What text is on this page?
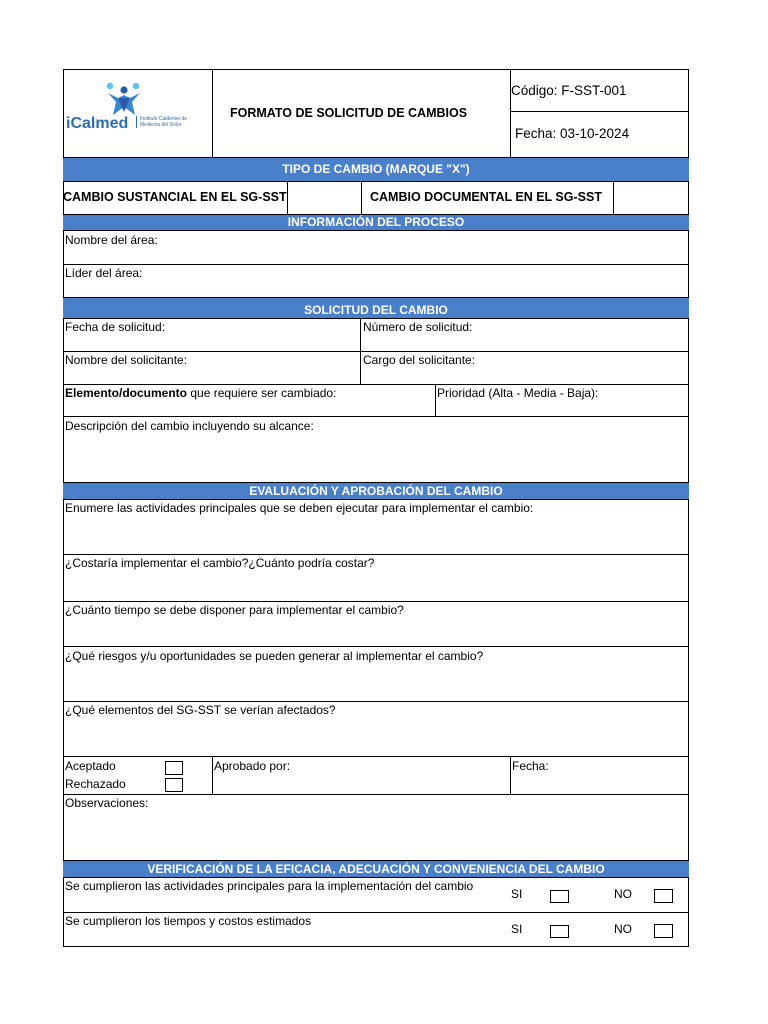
iCalmed	Instituto Caldense de Medicina del Dolor
FORMATO DE SOLICITUD DE CAMBIOS
Código: F-SST-001
Fecha: 03-10-2024
TIPO DE CAMBIO (MARQUE "X")
CAMBIO SUSTANCIAL EN EL SG-SST	CAMBIO DOCUMENTAL EN EL SG-SST
INFORMACIÓN DEL PROCESO
Nombre del área:
Líder del área:
SOLICITUD DEL CAMBIO
Fecha de solicitud:	Número de solicitud:
Nombre del solicitante:	Cargo del solicitante:
Elemento/documento que requiere ser cambiado:	Prioridad (Alta - Media - Baja):
Descripción del cambio incluyendo su alcance:
EVALUACIÓN Y APROBACIÓN DEL CAMBIO
Enumere las actividades principales que se deben ejecutar para implementar el cambio:
¿Costaría implementar el cambio?¿Cuánto podría costar?
¿Cuánto tiempo se debe disponer para implementar el cambio?
¿Qué riesgos y/u oportunidades se pueden generar al implementar el cambio?
¿Qué elementos del SG-SST se verían afectados?
Aceptado
Rechazado
Aprobado por:	Fecha:
Observaciones:
VERIFICACIÓN DE LA EFICACIA, ADECUACIÓN Y CONVENIENCIA DEL CAMBIO
Se cumplieron las actividades principales para la implementación del cambio
SI	NO
Se cumplieron los tiempos y costos estimados
SI	NO
